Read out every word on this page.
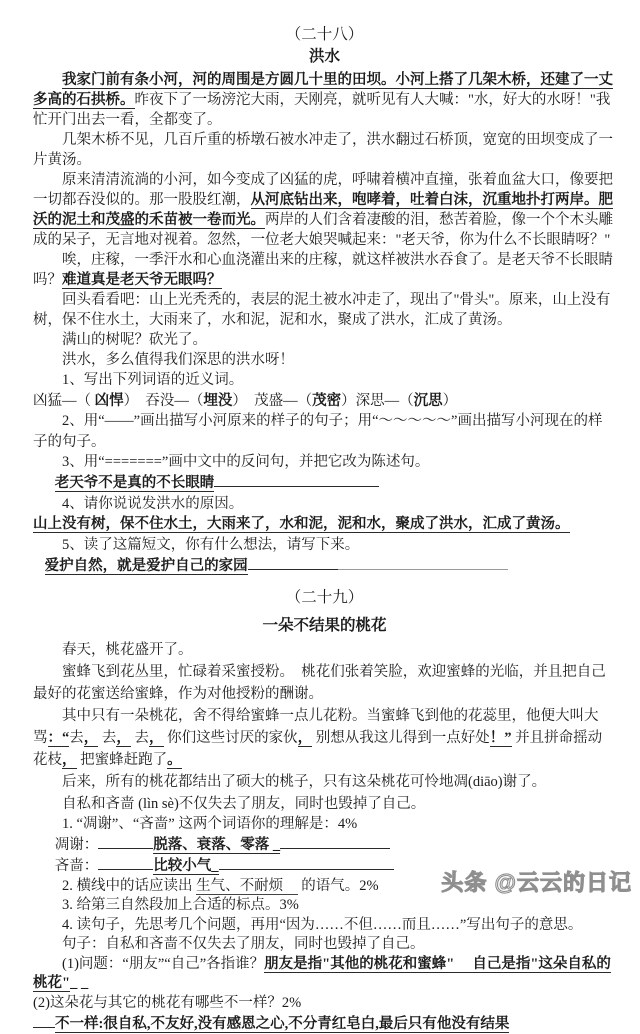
（二十八）

洪水

我家门前有条小河，河的周围是方圆几十里的田坝。小河上搭了几架木桥，还建了一丈多高的石拱桥。昨夜下了一场滂沱大雨，天刚亮，就听见有人大喊："水，好大的水呀！"我忙开门出去一看，全都变了。

几架木桥不见，几百斤重的桥墩石被水冲走了，洪水翻过石桥顶，宽宽的田坝变成了一片黄汤。

原来清清流淌的小河，如今变成了凶猛的虎，呼啸着横冲直撞，张着血盆大口，像要把一切都吞没似的。那一股股红潮，从河底钻出来，咆哮着，吐着白沫，沉重地扑打两岸。肥沃的泥土和茂盛的禾苗被一卷而光。两岸的人们含着凄酸的泪，愁苦着脸，像一个个木头雕成的呆子，无言地对视着。忽然，一位老大娘哭喊起来："老天爷，你为什么不长眼睛呀？"

唉，庄稼，一季汗水和心血浇灌出来的庄稼，就这样被洪水吞食了。是老天爷不长眼睛吗？难道真是老天爷无眼吗？

回头看看吧：山上光秃秃的，表层的泥土被水冲走了，现出了"骨头"。原来，山上没有树，保不住水土，大雨来了，水和泥，泥和水，聚成了洪水，汇成了黄汤。

满山的树呢？砍光了。

洪水，多么值得我们深思的洪水呀！

1、写出下列词语的近义词。

凶猛—（ 凶悍）　吞没—（埋没）　茂盛—（茂密）深思—（沉思）

2、用“——”画出描写小河原来的样子的句子；用“～～～～～”画出描写小河现在的样子的句子。

3、用“=======”画中文中的反问句，并把它改为陈述句。

老天爷不是真的不长眼睛

4、请你说说发洪水的原因。

山上没有树，保不住水土，大雨来了，水和泥，泥和水，聚成了洪水，汇成了黄汤。

5、读了这篇短文，你有什么想法，请写下来。

爱护自然，就是爱护自己的家园

（二十九）

一朵不结果的桃花

春天，桃花盛开了。

蜜蜂飞到花丛里，忙碌着采蜜授粉。　桃花们张着笑脸，欢迎蜜蜂的光临，并且把自己最好的花蜜送给蜜蜂，作为对他授粉的酬谢。

其中只有一朵桃花，舍不得给蜜蜂一点儿花粉。当蜜蜂飞到他的花蕊里，他便大叫大骂：“去， 去， 去， 你们这些讨厌的家伙， 别想从我这儿得到一点好处！” 并且拼命摇动花枝， 把蜜蜂赶跑了。

后来，所有的桃花都结出了硕大的桃子，只有这朵桃花可怜地凋(diāo)谢了。

自私和吝啬 (lìn sè)不仅失去了朋友，同时也毁掉了自己。

1. “凋谢”、“吝啬” 这两个词语你的理解是：4%

凋谢：	脱落、衰落、零落 _

吝啬：	比较小气_

2. 横线中的话应读出 生气、不耐烦　 的语气。2%

3. 给第三自然段加上合适的标点。3%

4. 读句子，先思考几个问题，再用“因为……不但……而且……”写出句子的意思。

句子：自私和吝啬不仅失去了朋友，同时也毁掉了自己。

(1)问题：“朋友”“自己”各指谁？朋友是指"其他的桃花和蜜蜂"　 自己是指"这朵自私的桃花"_ _

(2)这朵花与其它的桃花有哪些不一样？2%

不一样:很自私,不友好,没有感恩之心,不分青红皂白,最后只有他没有结果

头条 @云云的日记
